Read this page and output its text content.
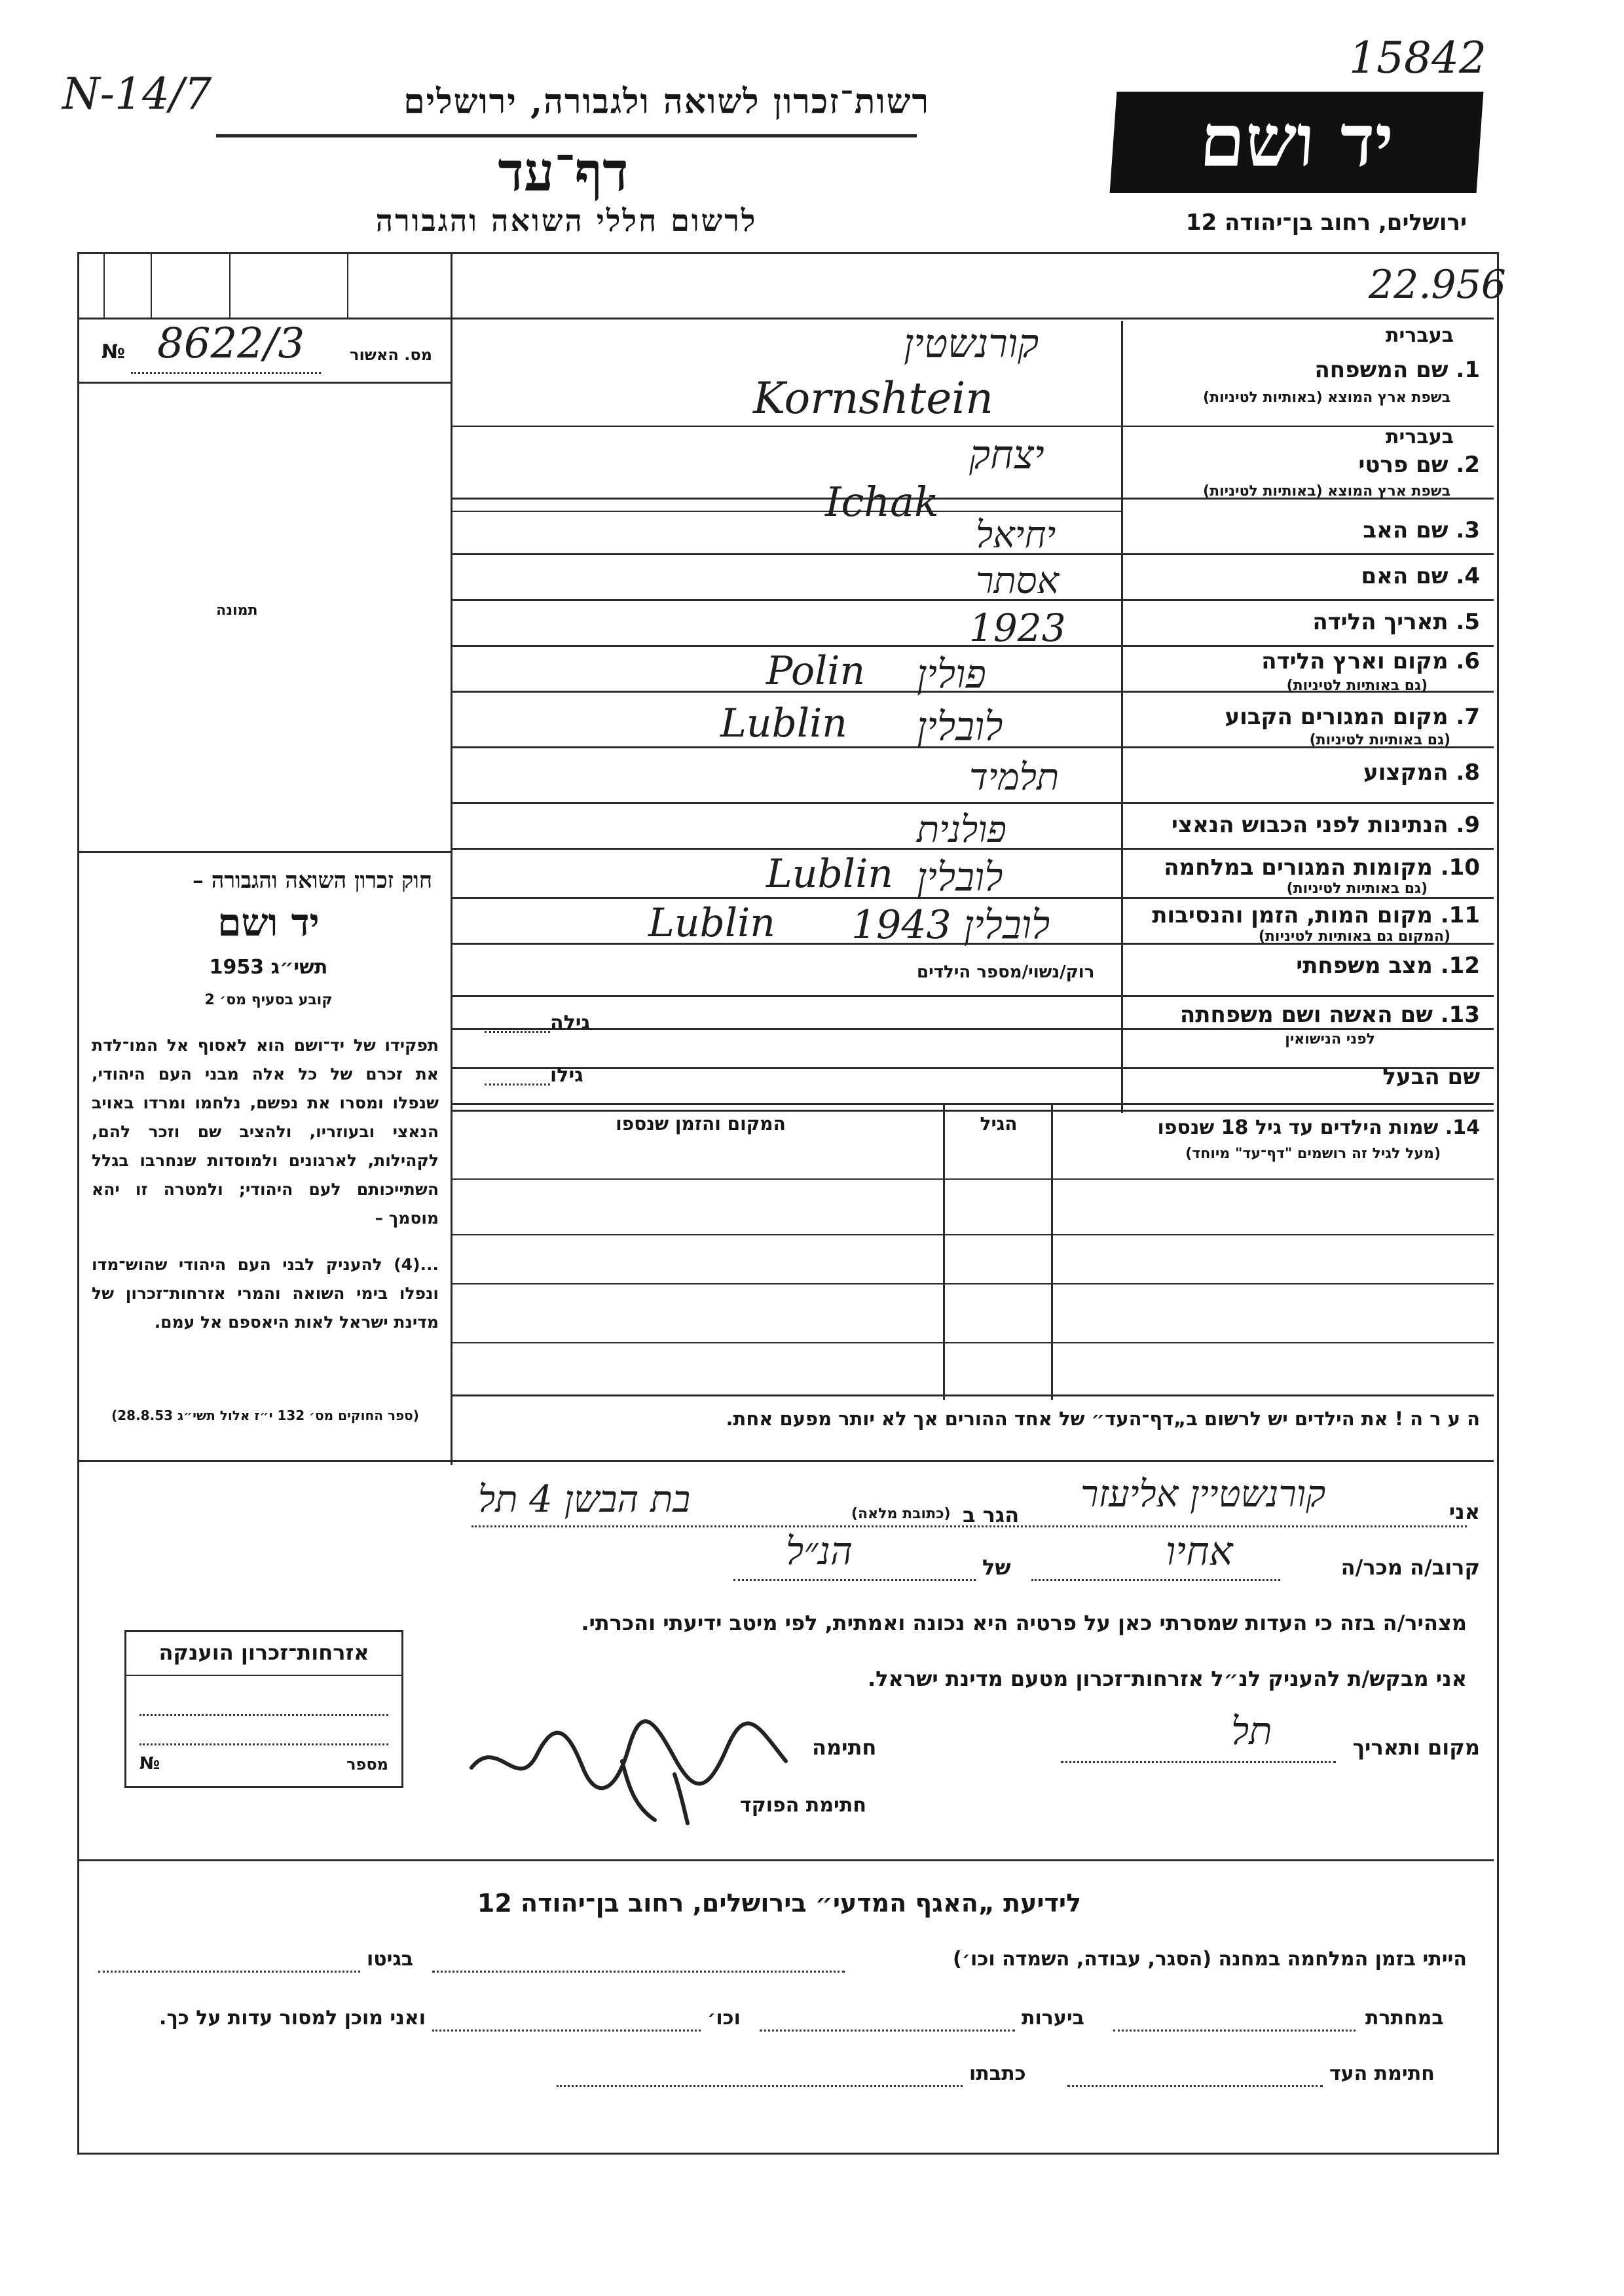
N-14/7
15842
רשות־זכרון לשואה ולגבורה, ירושלים
דף־עד
לרשום חללי השואה והגבורה
יד ושם
ירושלים, רחוב בן־יהודה 12
22.956
מס. האשור
№ 8622/3
תמונה
חוק זכרון השואה והגבורה –
יד ושם
תשי״ג 1953
קובע בסעיף מס׳ 2
תפקידו של יד־ושם הוא לאסוף אל המו־לדת את זכרם של כל אלה מבני העם היהודי, שנפלו ומסרו את נפשם, נלחמו ומרדו באויב הנאצי ובעוזריו, ולהציב שם וזכר להם, לקהילות, לארגונים ולמוסדות שנחרבו בגלל השתייכותם לעם היהודי; ולמטרה זו יהא מוסמך –
...(4) להעניק לבני העם היהודי שהוש־מדו ונפלו בימי השואה והמרי אזרחות־זכרון של מדינת ישראל לאות היאספם אל עמם.
(ספר החוקים מס׳ 132 י״ז אלול תשי״ג 28.8.53)
בעברית
1. שם המשפחה
בשפת ארץ המוצא (באותיות לטיניות)
קורנשטין
Kornshtein
בעברית
2. שם פרטי
בשפת ארץ המוצא (באותיות לטיניות)
יצחק
Ichak
3. שם האב
יחיאל
4. שם האם
אסתר
5. תאריך הלידה
1923
6. מקום וארץ הלידה
(גם באותיות לטיניות)
פולין
Polin
7. מקום המגורים הקבוע
(גם באותיות לטיניות)
לובלין
Lublin
8. המקצוע
תלמיד
9. הנתינות לפני הכבוש הנאצי
פולנית
10. מקומות המגורים במלחמה
(גם באותיות לטיניות)
לובלין
Lublin
11. מקום המות, הזמן והנסיבות
(המקום גם באותיות לטיניות)
לובלין 1943
Lublin
12. מצב משפחתי
רוק/נשוי/מספר הילדים
13. שם האשה ושם משפחתה
לפני הנישואין
גילה
שם הבעל
גילו
14. שמות הילדים עד גיל 18 שנספו
(מעל לגיל זה רושמים "דף־עד" מיוחד)
הגיל
המקום והזמן שנספו
ה ע ר ה ! את הילדים יש לרשום ב„דף־העד״ של אחד ההורים אך לא יותר מפעם אחת.
אני
קורנשטיין אליעזר
הגר ב
(כתובת מלאה)
בת הבשן 4 תל
קרוב/ה מכר/ה
אחיו
של
הנ״ל
מצהיר/ה בזה כי העדות שמסרתי כאן על פרטיה היא נכונה ואמתית, לפי מיטב ידיעתי והכרתי.
אני מבקש/ת להעניק לנ״ל אזרחות־זכרון מטעם מדינת ישראל.
מקום ותאריך
תל
חתימה
חתימת הפוקד
אזרחות־זכרון הוענקה
מספר
№
לידיעת „האגף המדעי״ בירושלים, רחוב בן־יהודה 12
הייתי בזמן המלחמה במחנה (הסגר, עבודה, השמדה וכו׳)
בגיטו
במחתרת
ביערות
וכו׳
ואני מוכן למסור עדות על כך.
חתימת העד
כתבתו
